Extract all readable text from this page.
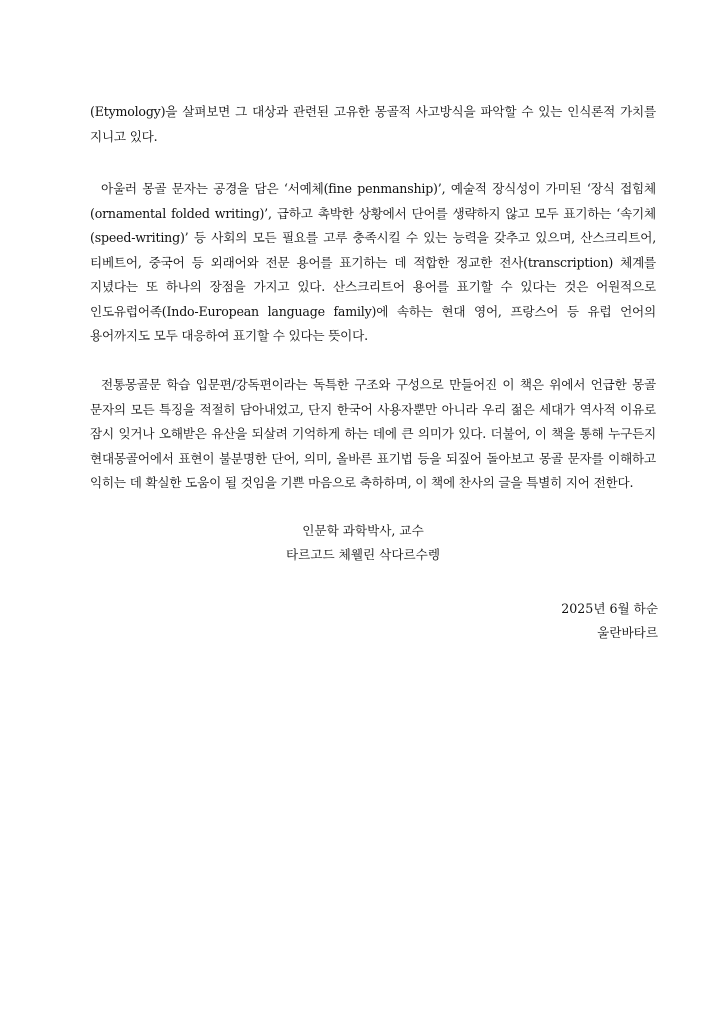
(Etymology)을 살펴보면 그 대상과 관련된 고유한 몽골적 사고방식을 파악할 수 있는 인식론적 가치를 지니고 있다.

아울러 몽골 문자는 공경을 담은 ‘서예체(fine penmanship)’, 예술적 장식성이 가미된 ‘장식 접힘체(ornamental folded writing)’, 급하고 촉박한 상황에서 단어를 생략하지 않고 모두 표기하는 ‘속기체(speed-writing)’ 등 사회의 모든 필요를 고루 충족시킬 수 있는 능력을 갖추고 있으며, 산스크리트어, 티베트어, 중국어 등 외래어와 전문 용어를 표기하는 데 적합한 정교한 전사(transcription) 체계를 지녔다는 또 하나의 장점을 가지고 있다. 산스크리트어 용어를 표기할 수 있다는 것은 어원적으로 인도유럽어족(Indo-European language family)에 속하는 현대 영어, 프랑스어 등 유럽 언어의 용어까지도 모두 대응하여 표기할 수 있다는 뜻이다.

전통몽골문 학습 입문편/강독편이라는 독특한 구조와 구성으로 만들어진 이 책은 위에서 언급한 몽골 문자의 모든 특징을 적절히 담아내었고, 단지 한국어 사용자뿐만 아니라 우리 젊은 세대가 역사적 이유로 잠시 잊거나 오해받은 유산을 되살려 기억하게 하는 데에 큰 의미가 있다. 더불어, 이 책을 통해 누구든지 현대몽골어에서 표현이 불분명한 단어, 의미, 올바른 표기법 등을 되짚어 돌아보고 몽골 문자를 이해하고 익히는 데 확실한 도움이 될 것임을 기쁜 마음으로 축하하며, 이 책에 찬사의 글을 특별히 지어 전한다.

인문학 과학박사, 교수
타르고드 체웰린 삭다르수렝
2025년 6월 하순
울란바타르
